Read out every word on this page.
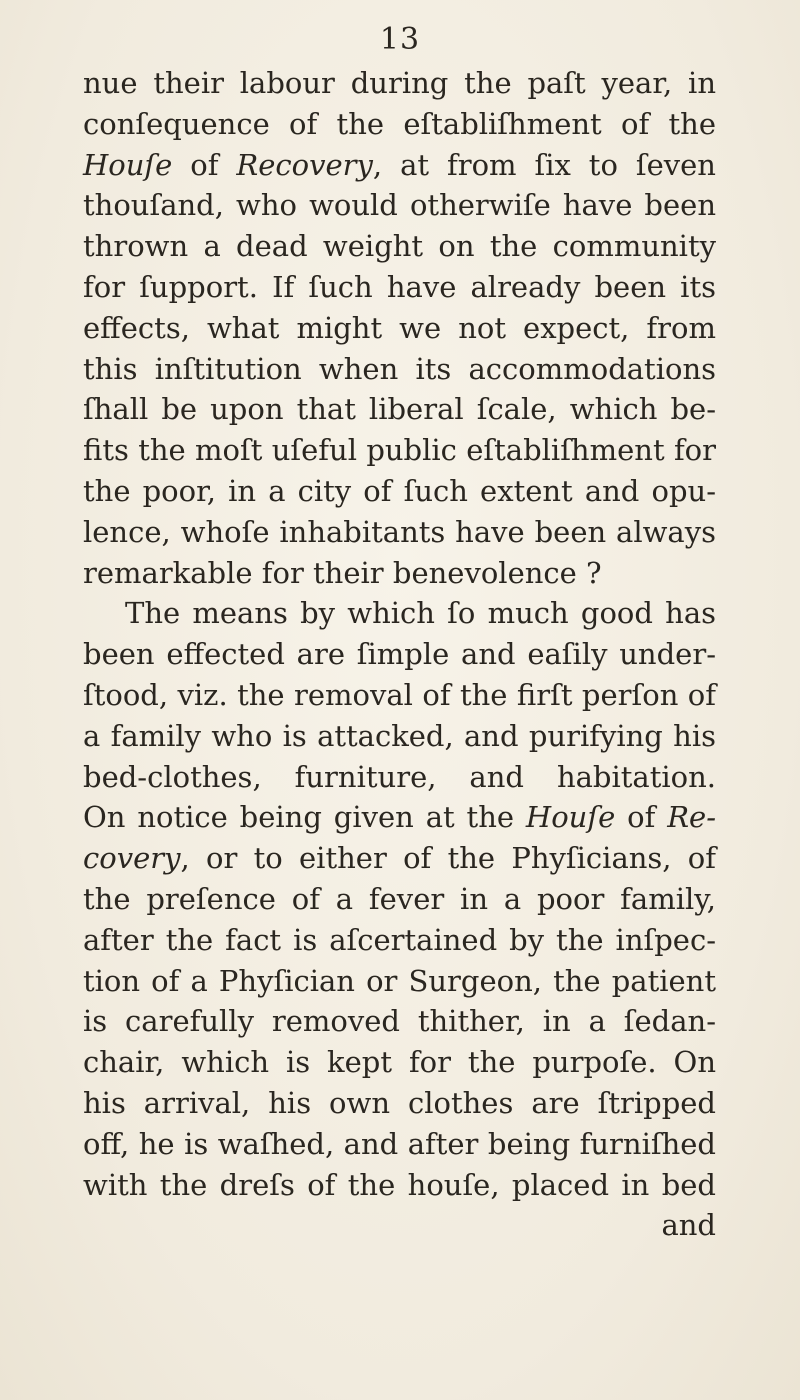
13
nue their labour during the paſt year, in
conſequence of the eſtabliſhment of the
Houſe of Recovery, at from ſix to ſeven
thouſand, who would otherwiſe have been
thrown a dead weight on the community
for ſupport. If ſuch have already been its
effects, what might we not expect, from
this inſtitution when its accommodations
ſhall be upon that liberal ſcale, which be-
fits the moſt uſeful public eſtabliſhment for
the poor, in a city of ſuch extent and opu-
lence, whoſe inhabitants have been always
remarkable for their benevolence ?
The means by which ſo much good has
been effected are ſimple and eaſily under-
ſtood, viz. the removal of the firſt perſon of
a family who is attacked, and purifying his
bed-clothes, furniture, and habitation.
On notice being given at the Houſe of Re-
covery, or to either of the Phyſicians, of
the preſence of a fever in a poor family,
after the fact is aſcertained by the inſpec-
tion of a Phyſician or Surgeon, the patient
is carefully removed thither, in a ſedan-
chair, which is kept for the purpoſe. On
his arrival, his own clothes are ſtripped
off, he is waſhed, and after being furniſhed
with the dreſs of the houſe, placed in bed
and
